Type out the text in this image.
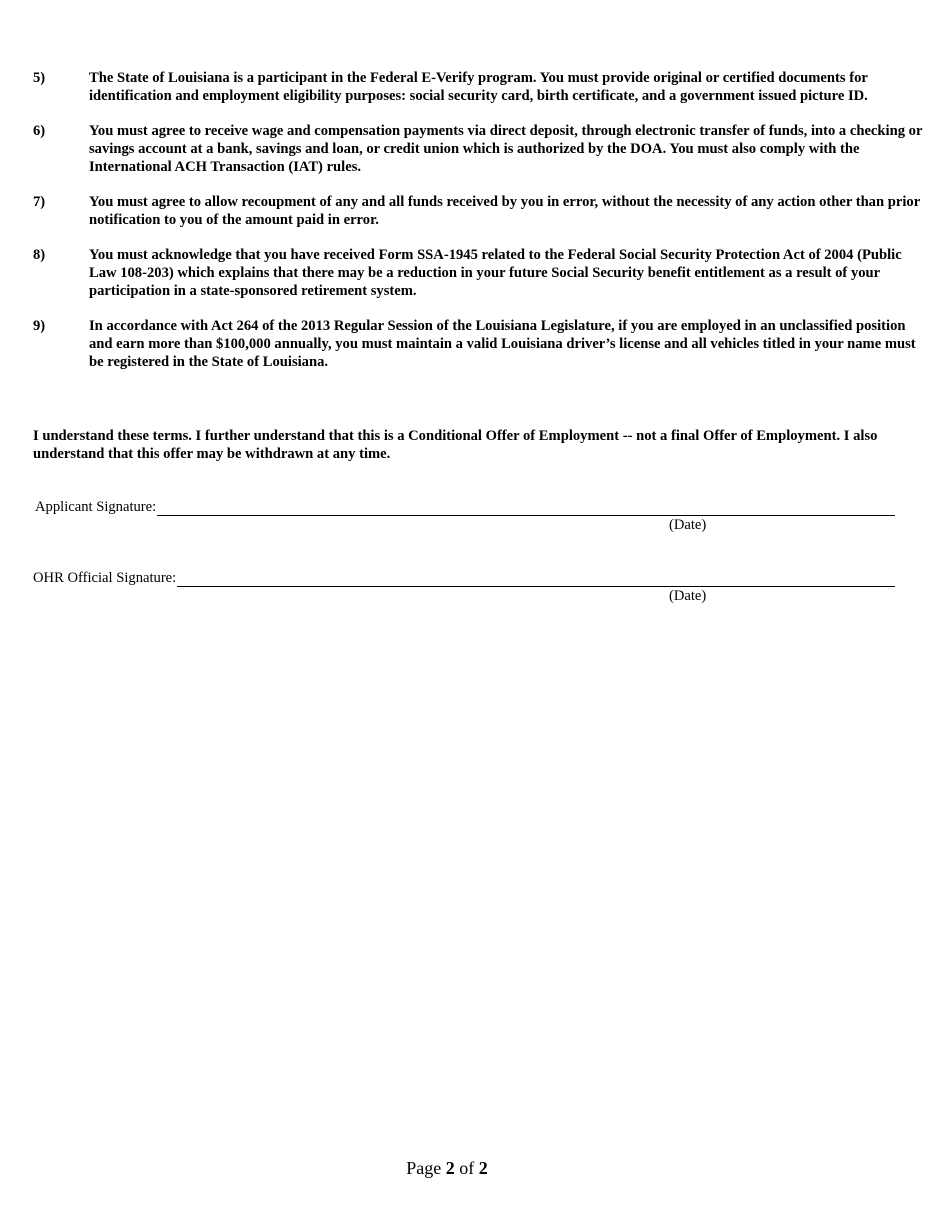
5)	The State of Louisiana is a participant in the Federal E-Verify program. You must provide original or certified documents for identification and employment eligibility purposes: social security card, birth certificate, and a government issued picture ID.
6)	You must agree to receive wage and compensation payments via direct deposit, through electronic transfer of funds, into a checking or savings account at a bank, savings and loan, or credit union which is authorized by the DOA. You must also comply with the International ACH Transaction (IAT) rules.
7)	You must agree to allow recoupment of any and all funds received by you in error, without the necessity of any action other than prior notification to you of the amount paid in error.
8)	You must acknowledge that you have received Form SSA-1945 related to the Federal Social Security Protection Act of 2004 (Public Law 108-203) which explains that there may be a reduction in your future Social Security benefit entitlement as a result of your participation in a state-sponsored retirement system.
9)	In accordance with Act 264 of the 2013 Regular Session of the Louisiana Legislature, if you are employed in an unclassified position and earn more than $100,000 annually, you must maintain a valid Louisiana driver’s license and all vehicles titled in your name must be registered in the State of Louisiana.
I understand these terms. I further understand that this is a Conditional Offer of Employment -- not a final Offer of Employment. I also understand that this offer may be withdrawn at any time.
Applicant Signature:
(Date)
OHR Official Signature:
(Date)
Page 2 of 2
